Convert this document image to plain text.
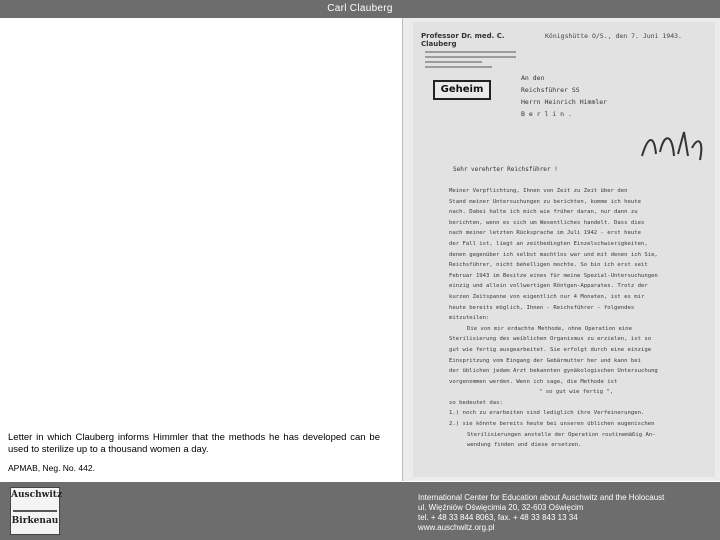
Carl Clauberg
Letter in which Clauberg informs Himmler that the methods he has developed can be used to sterilize up to a thousand women a day.
APMAB, Neg. No. 442.
Professor Dr. med. C. Clauberg
Königshütte O/S., den 7. Juni 1943.
Geheim
An den
Reichsführer SS
Herrn Heinrich Himmler
B e r l i n .
Sehr verehrter Reichsführer !
Meiner Verpflichtung, Ihnen von Zeit zu Zeit über den
Stand meiner Untersuchungen zu berichten, komme ich heute
nach. Dabei halte ich mich wie früher daran, nur dann zu
berichten, wenn es sich um Wesentliches handelt. Dass dies
nach meiner letzten Rücksprache im Juli 1942 - erst heute
der Fall ist, liegt an zeitbedingten Einzelschwierigkeiten,
denen gegenüber ich selbst machtlos war und mit denen ich Sie,
Reichsführer, nicht behelligen mochte. So bin ich erst seit
Februar 1943 im Besitze eines für meine Spezial-Untersuchungen
einzig und allein vollwertigen Röntgen-Apparates. Trotz der
kurzen Zeitspanne von eigentlich nur 4 Monaten, ist es mir
heute bereits möglich, Ihnen - Reichsführer - folgendes
mitzuteilen:
Die von mir erdachte Methode, ohne Operation eine
Sterilisierung des weiblichen Organismus zu erzielen, ist so
gut wie fertig ausgearbeitet. Sie erfolgt durch eine einzige
Einspritzung vom Eingang der Gebärmutter her und kann bei
der üblichen jedem Arzt bekannten gynäkologischen Untersuchung
vorgenommen werden. Wenn ich sage, die Methode ist
" so gut wie fertig ",
so bedeutet das:
1.) noch zu erarbeiten sind lediglich ihre Verfeinerungen.
2.) sie könnte bereits heute bei unseren üblichen eugenischen
Sterilisierungen anstelle der Operation routinemäßig An-
wendung finden und diese ersetzen.
Auschwitz
Birkenau
International Center for Education about Auschwitz and the Holocaust
ul. Więźniów Oświęcimia 20, 32-603 Oświęcim
tel. + 48 33 844 8063, fax. + 48 33 843 13 34
www.auschwitz.org.pl
